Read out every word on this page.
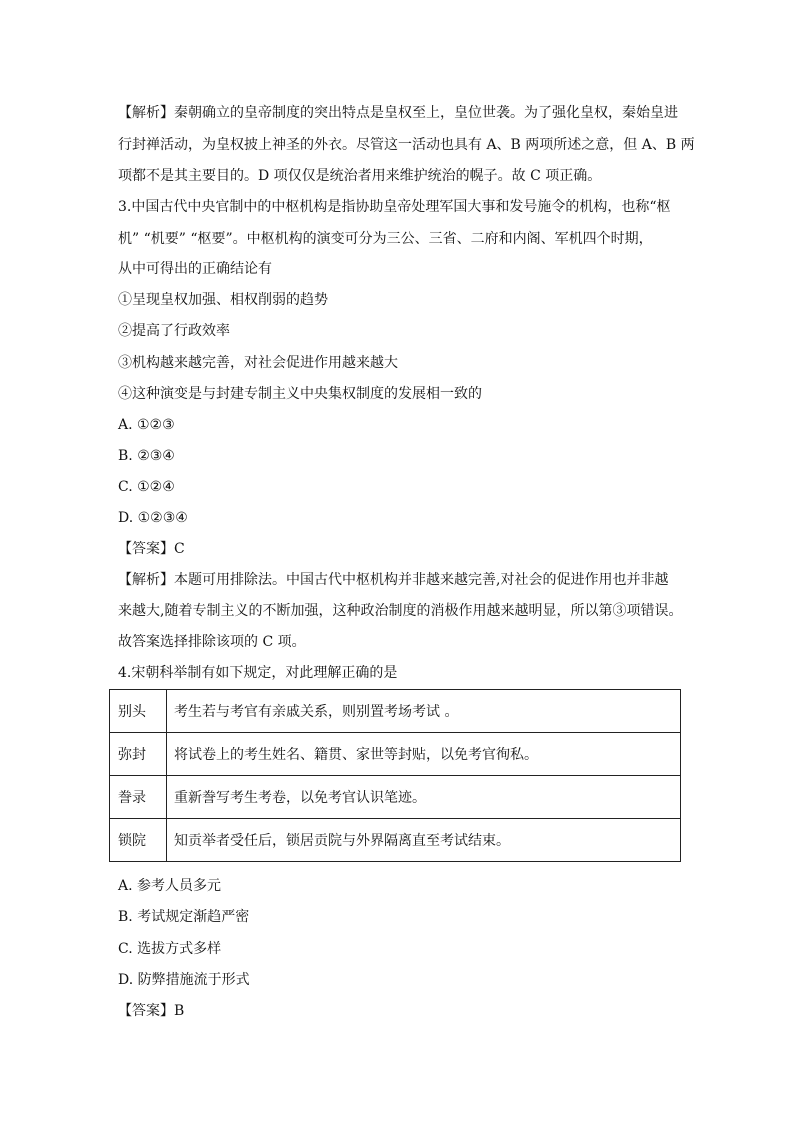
【解析】秦朝确立的皇帝制度的突出特点是皇权至上，皇位世袭。为了强化皇权，秦始皇进
行封禅活动，为皇权披上神圣的外衣。尽管这一活动也具有 A、B 两项所述之意，但 A、B 两
项都不是其主要目的。D 项仅仅是统治者用来维护统治的幌子。故 C 项正确。
3.中国古代中央官制中的中枢机构是指协助皇帝处理军国大事和发号施令的机构，也称“枢
机” “机要” “枢要”。中枢机构的演变可分为三公、三省、二府和内阁、军机四个时期，
从中可得出的正确结论有
①呈现皇权加强、相权削弱的趋势
②提高了行政效率
③机构越来越完善，对社会促进作用越来越大
④这种演变是与封建专制主义中央集权制度的发展相一致的
A. ①②③
B. ②③④
C. ①②④
D. ①②③④
【答案】C
【解析】本题可用排除法。中国古代中枢机构并非越来越完善,对社会的促进作用也并非越
来越大,随着专制主义的不断加强，这种政治制度的消极作用越来越明显，所以第③项错误。
故答案选择排除该项的 C 项。
4.宋朝科举制有如下规定，对此理解正确的是
别头	考生若与考官有亲戚关系，则别置考场考试 。
弥封	将试卷上的考生姓名、籍贯、家世等封贴，以免考官徇私。
誊录	重新誊写考生考卷，以免考官认识笔迹。
锁院	知贡举者受任后，锁居贡院与外界隔离直至考试结束。
A. 参考人员多元
B. 考试规定渐趋严密
C. 选拔方式多样
D. 防弊措施流于形式
【答案】B
